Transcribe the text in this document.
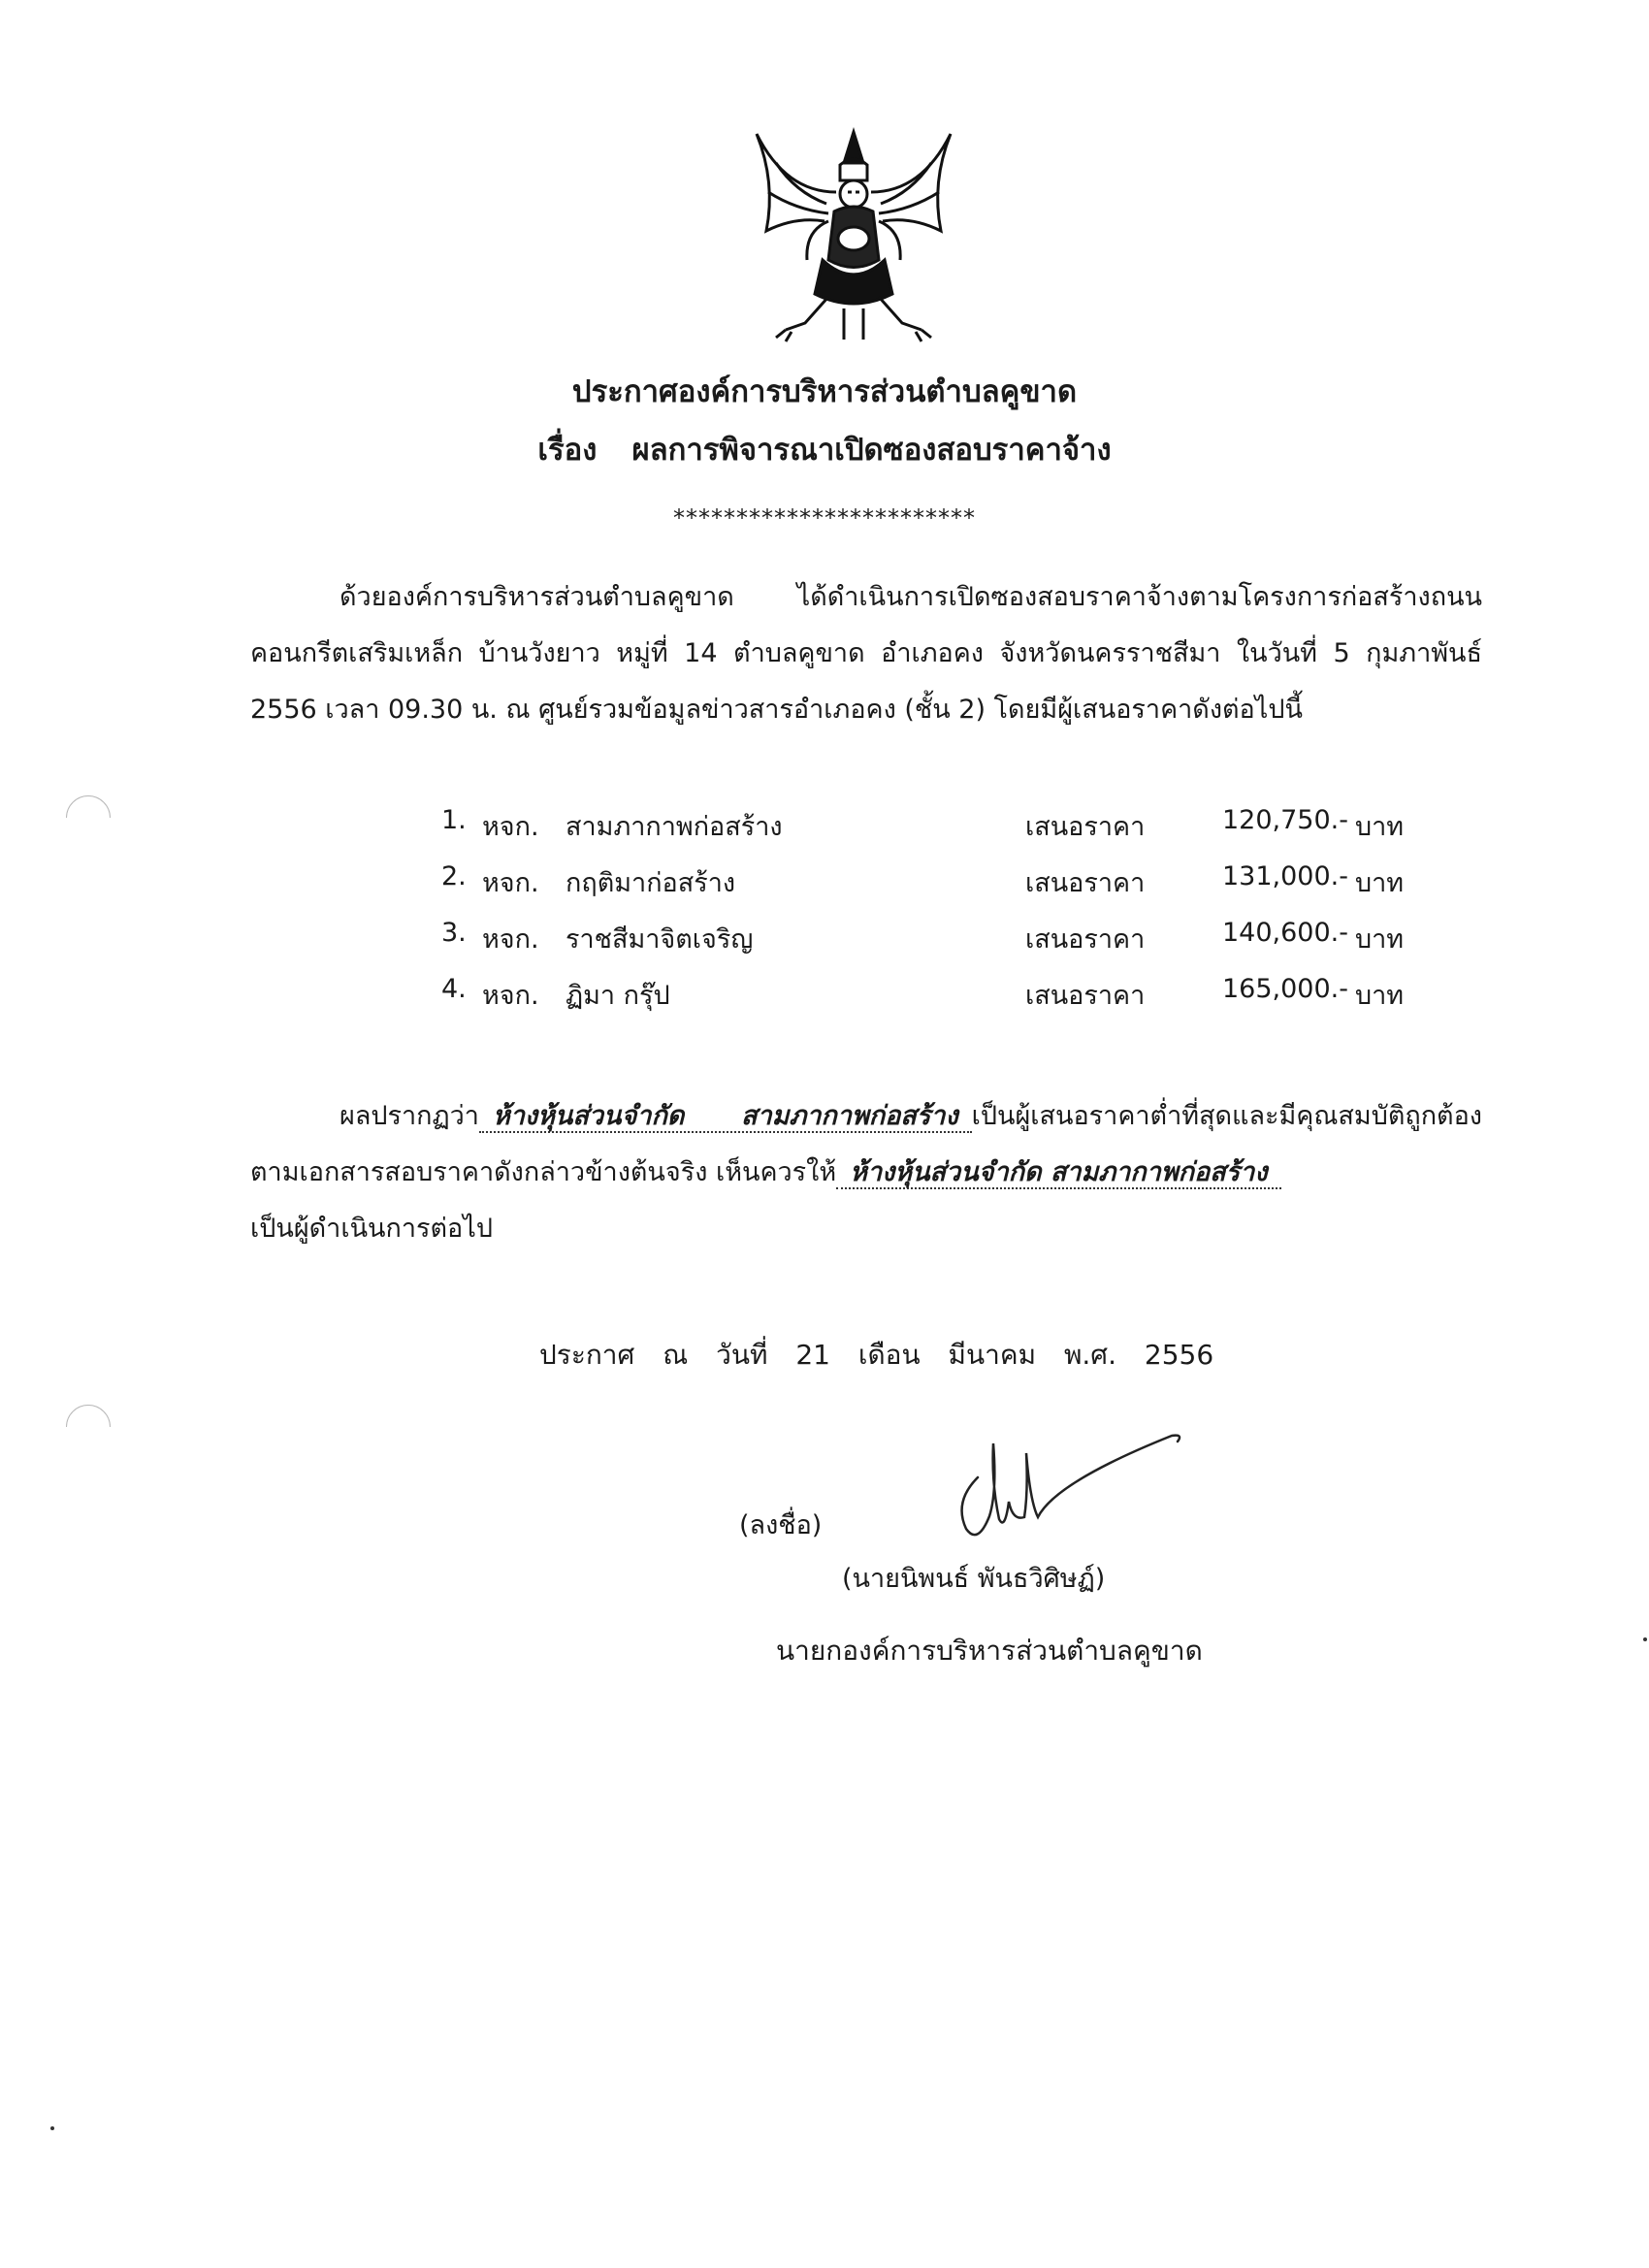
ประกาศองค์การบริหารส่วนตำบลคูขาด
เรื่อง ผลการพิจารณาเปิดซองสอบราคาจ้าง
************************
ด้วยองค์การบริหารส่วนตำบลคูขาด ได้ดำเนินการเปิดซองสอบราคาจ้างตามโครงการก่อสร้างถนนคอนกรีตเสริมเหล็ก บ้านวังยาว หมู่ที่ 14 ตำบลคูขาด อำเภอคง จังหวัดนครราชสีมา ในวันที่ 5 กุมภาพันธ์ 2556 เวลา 09.30 น. ณ ศูนย์รวมข้อมูลข่าวสารอำเภอคง (ชั้น 2) โดยมีผู้เสนอราคาดังต่อไปนี้
1. หจก. สามภากาพก่อสร้าง	เสนอราคา	120,750.- บาท
2. หจก. กฤติมาก่อสร้าง	เสนอราคา	131,000.- บาท
3. หจก. ราชสีมาจิตเจริญ	เสนอราคา	140,600.- บาท
4. หจก. ฏิมา กรุ๊ป	เสนอราคา	165,000.- บาท
ผลปรากฏว่า ห้างหุ้นส่วนจำกัด สามภากาพก่อสร้าง เป็นผู้เสนอราคาต่ำที่สุดและมีคุณสมบัติถูกต้องตามเอกสารสอบราคาดังกล่าวข้างต้นจริง เห็นควรให้ ห้างหุ้นส่วนจำกัด สามภากาพก่อสร้าง
เป็นผู้ดำเนินการต่อไป
ประกาศ ณ วันที่ 21 เดือน มีนาคม พ.ศ. 2556
(ลงชื่อ)
(นายนิพนธ์ พันธวิศิษฏ์)
นายกองค์การบริหารส่วนตำบลคูขาด
